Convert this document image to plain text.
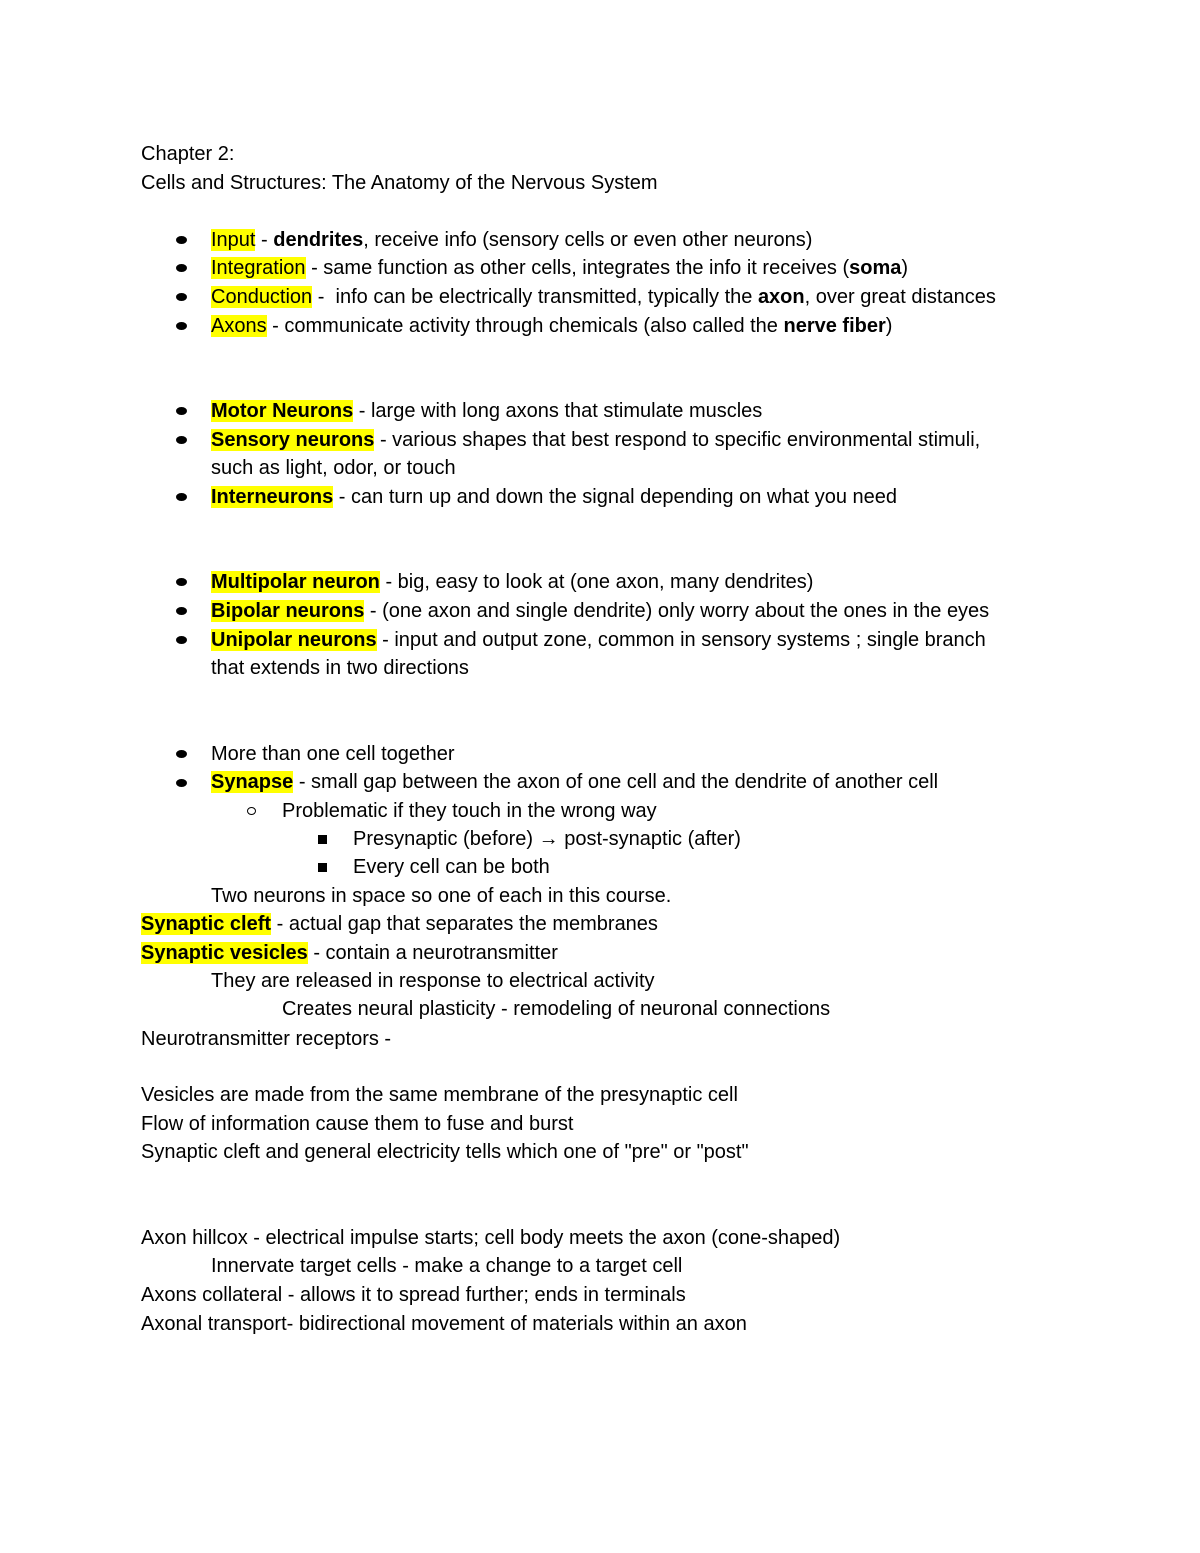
Chapter 2:
Cells and Structures: The Anatomy of the Nervous System
Input - dendrites, receive info (sensory cells or even other neurons)
Integration - same function as other cells, integrates the info it receives (soma)
Conduction -  info can be electrically transmitted, typically the axon, over great distances
Axons - communicate activity through chemicals (also called the nerve fiber)
Motor Neurons - large with long axons that stimulate muscles
Sensory neurons - various shapes that best respond to specific environmental stimuli,
such as light, odor, or touch
Interneurons - can turn up and down the signal depending on what you need
Multipolar neuron - big, easy to look at (one axon, many dendrites)
Bipolar neurons - (one axon and single dendrite) only worry about the ones in the eyes
Unipolar neurons - input and output zone, common in sensory systems ; single branch
that extends in two directions
More than one cell together
Synapse - small gap between the axon of one cell and the dendrite of another cell
Problematic if they touch in the wrong way
Presynaptic (before) → post-synaptic (after)
Every cell can be both
Two neurons in space so one of each in this course.
Synaptic cleft - actual gap that separates the membranes
Synaptic vesicles - contain a neurotransmitter
They are released in response to electrical activity
Creates neural plasticity - remodeling of neuronal connections
Neurotransmitter receptors -
Vesicles are made from the same membrane of the presynaptic cell
Flow of information cause them to fuse and burst
Synaptic cleft and general electricity tells which one of "pre" or "post"
Axon hillcox - electrical impulse starts; cell body meets the axon (cone-shaped)
Innervate target cells - make a change to a target cell
Axons collateral - allows it to spread further; ends in terminals
Axonal transport- bidirectional movement of materials within an axon
